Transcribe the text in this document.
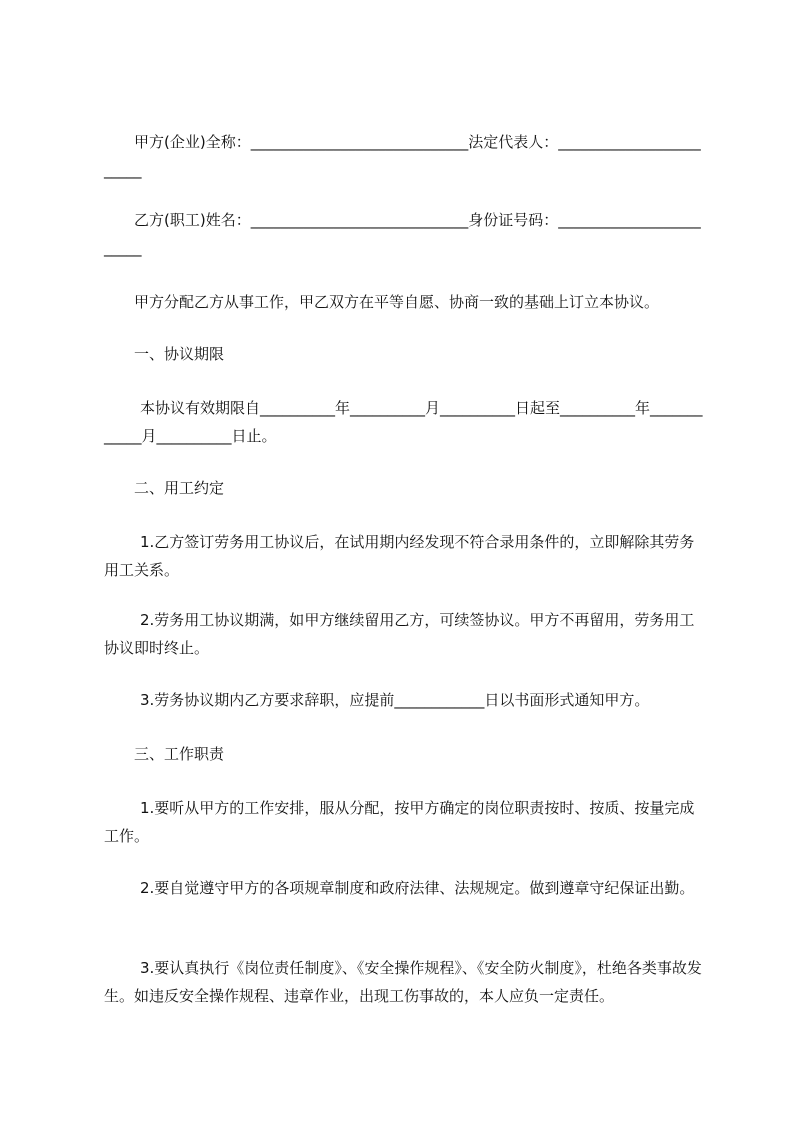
甲方(企业)全称：_____________________________法定代表人：________________________

乙方(职工)姓名：_____________________________身份证号码：________________________

甲方分配乙方从事工作，甲乙双方在平等自愿、协商一致的基础上订立本协议。

一、协议期限

本协议有效期限自__________年__________月__________日起至__________年____________月__________日止。

二、用工约定

1.乙方签订劳务用工协议后，在试用期内经发现不符合录用条件的，立即解除其劳务用工关系。

2.劳务用工协议期满，如甲方继续留用乙方，可续签协议。甲方不再留用，劳务用工协议即时终止。

3.劳务协议期内乙方要求辞职，应提前____________日以书面形式通知甲方。

三、工作职责

1.要听从甲方的工作安排，服从分配，按甲方确定的岗位职责按时、按质、按量完成工作。

2.要自觉遵守甲方的各项规章制度和政府法律、法规规定。做到遵章守纪保证出勤。

3.要认真执行《岗位责任制度》、《安全操作规程》、《安全防火制度》，杜绝各类事故发生。如违反安全操作规程、违章作业，出现工伤事故的，本人应负一定责任。
